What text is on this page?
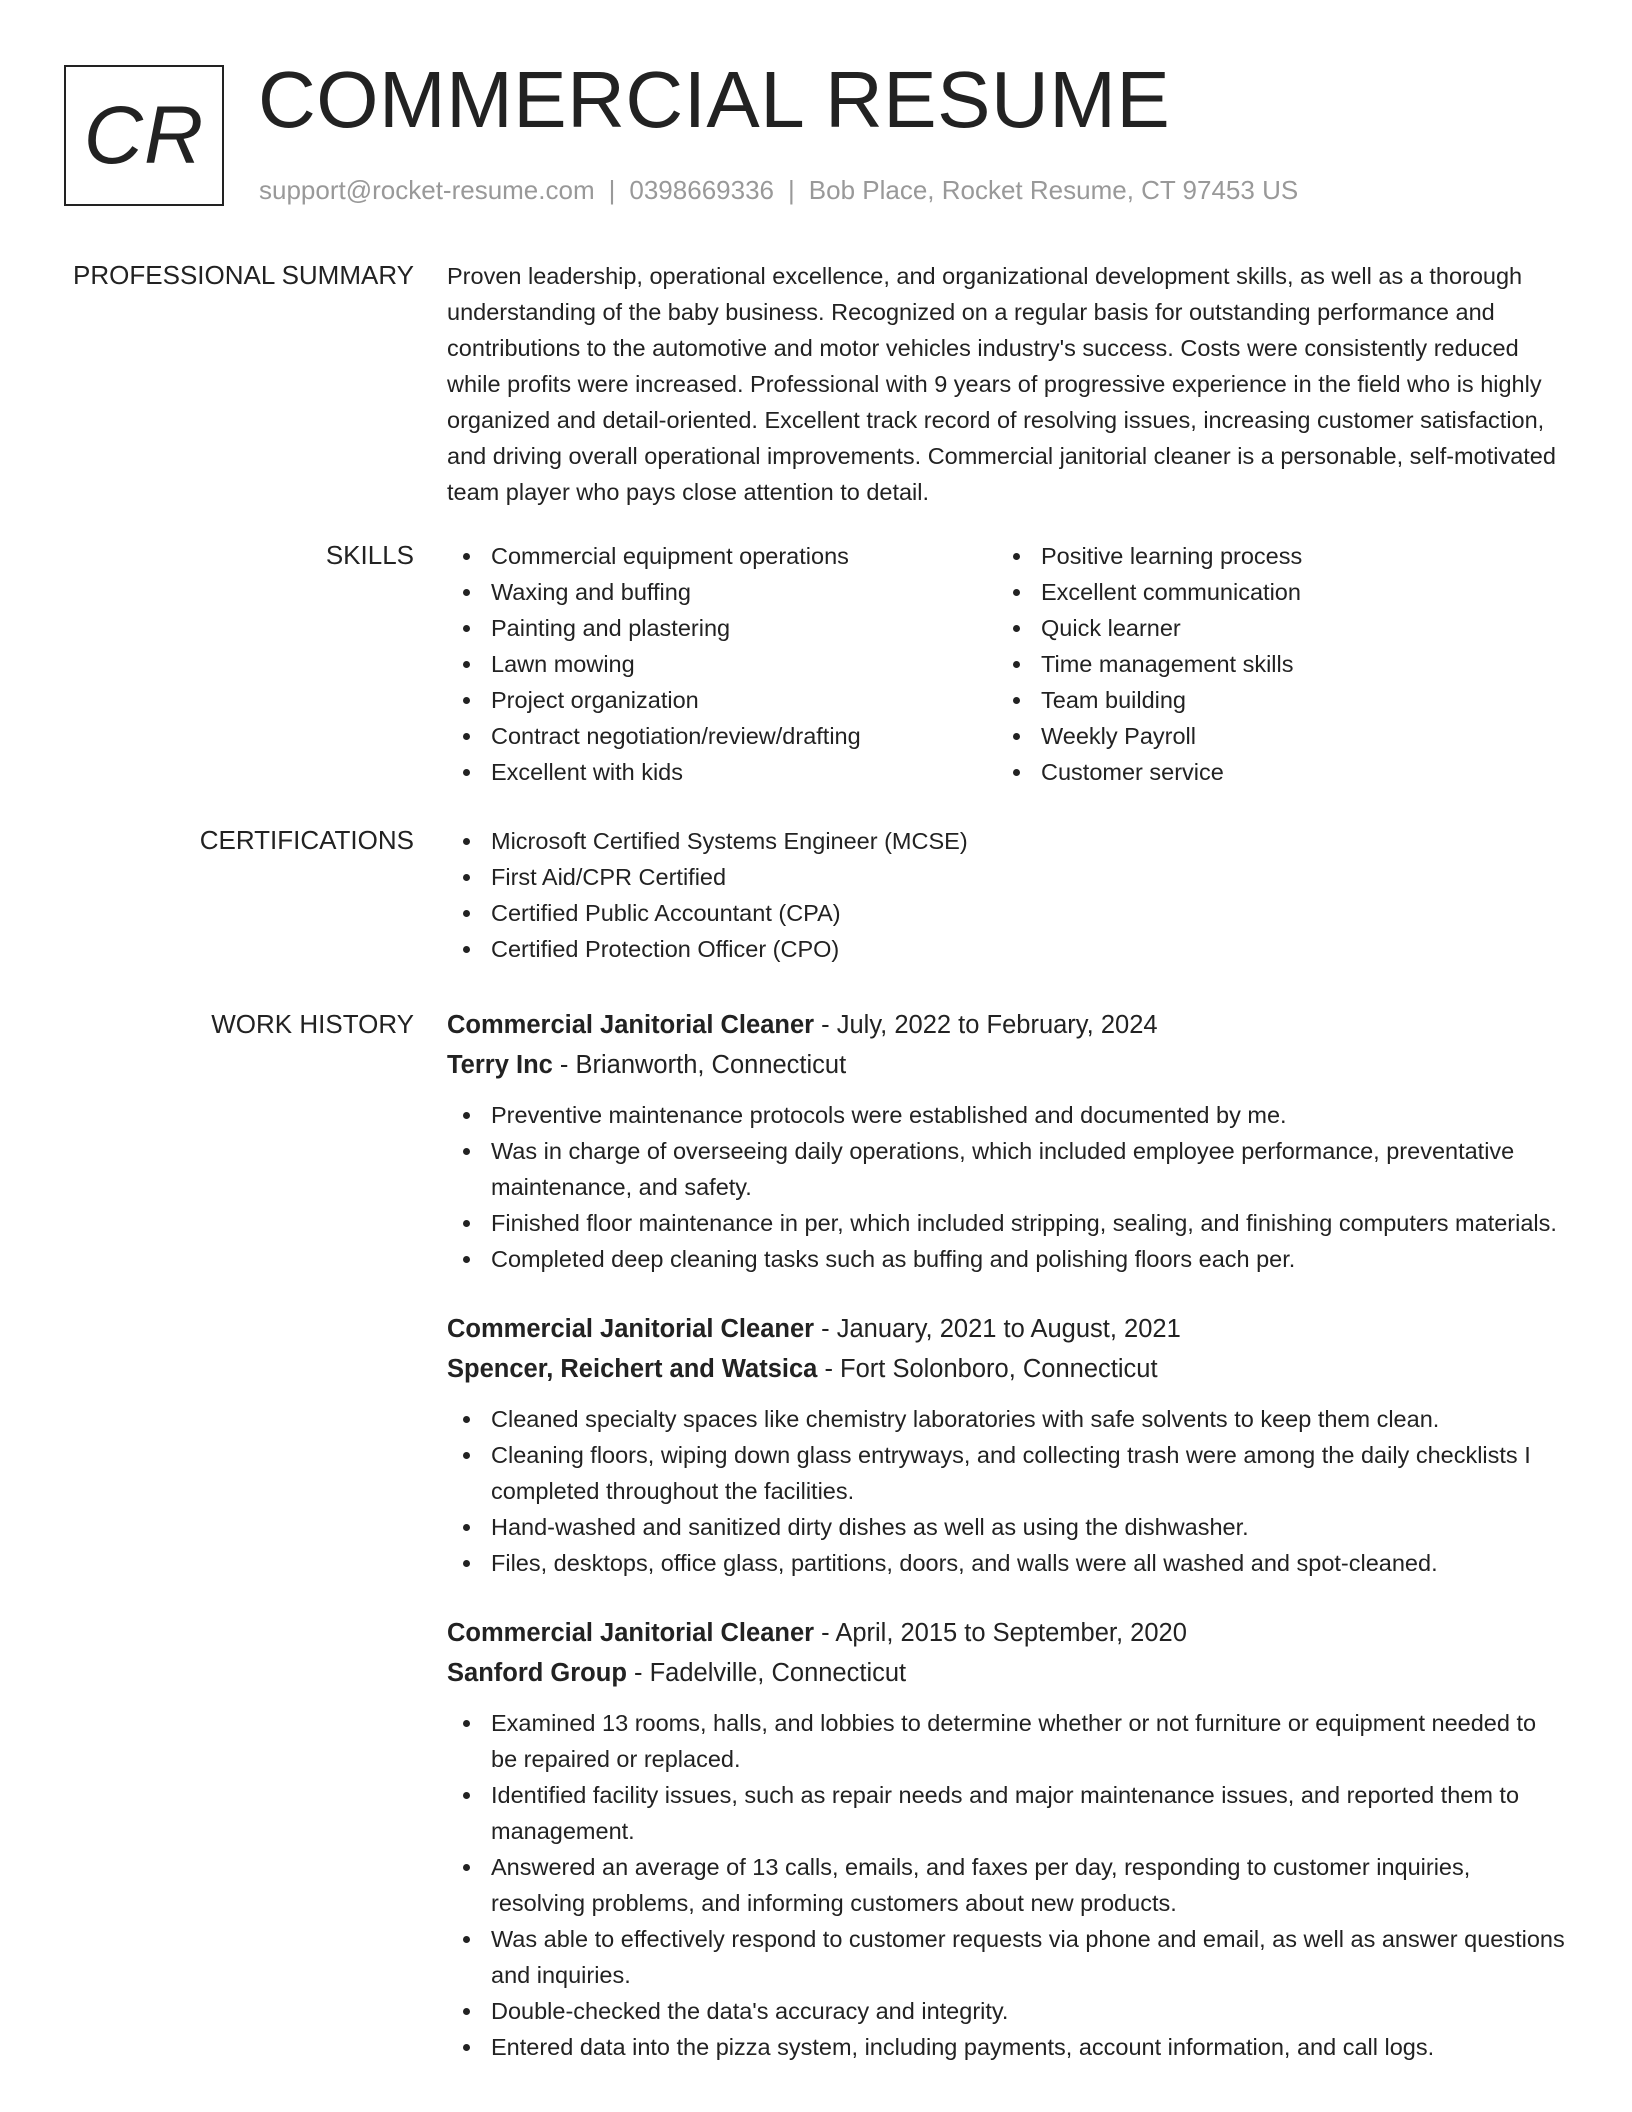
CR COMMERCIAL RESUME
support@rocket-resume.com | 0398669336 | Bob Place, Rocket Resume, CT 97453 US
PROFESSIONAL SUMMARY Proven leadership, operational excellence, and organizational development skills, as well as a thorough understanding of the baby business. Recognized on a regular basis for outstanding performance and contributions to the automotive and motor vehicles industry's success. Costs were consistently reduced while profits were increased. Professional with 9 years of progressive experience in the field who is highly organized and detail-oriented. Excellent track record of resolving issues, increasing customer satisfaction, and driving overall operational improvements. Commercial janitorial cleaner is a personable, self-motivated team player who pays close attention to detail.
SKILLS	Commercial equipment operations
Waxing and buffing
Painting and plastering
Lawn mowing
Project organization
Contract negotiation/review/drafting
Excellent with kids
Positive learning process
Excellent communication
Quick learner
Time management skills
Team building
Weekly Payroll
Customer service
CERTIFICATIONS	Microsoft Certified Systems Engineer (MCSE)
First Aid/CPR Certified
Certified Public Accountant (CPA)
Certified Protection Officer (CPO)
WORK HISTORY Commercial Janitorial Cleaner - July, 2022 to February, 2024
Terry Inc - Brianworth, Connecticut
Preventive maintenance protocols were established and documented by me.
Was in charge of overseeing daily operations, which included employee performance, preventative maintenance, and safety.
Finished floor maintenance in per, which included stripping, sealing, and finishing computers materials.
Completed deep cleaning tasks such as buffing and polishing floors each per.
Commercial Janitorial Cleaner - January, 2021 to August, 2021
Spencer, Reichert and Watsica - Fort Solonboro, Connecticut
Cleaned specialty spaces like chemistry laboratories with safe solvents to keep them clean.
Cleaning floors, wiping down glass entryways, and collecting trash were among the daily checklists I completed throughout the facilities.
Hand-washed and sanitized dirty dishes as well as using the dishwasher.
Files, desktops, office glass, partitions, doors, and walls were all washed and spot-cleaned.
Commercial Janitorial Cleaner - April, 2015 to September, 2020
Sanford Group - Fadelville, Connecticut
Examined 13 rooms, halls, and lobbies to determine whether or not furniture or equipment needed to be repaired or replaced.
Identified facility issues, such as repair needs and major maintenance issues, and reported them to management.
Answered an average of 13 calls, emails, and faxes per day, responding to customer inquiries, resolving problems, and informing customers about new products.
Was able to effectively respond to customer requests via phone and email, as well as answer questions and inquiries.
Double-checked the data's accuracy and integrity.
Entered data into the pizza system, including payments, account information, and call logs.
